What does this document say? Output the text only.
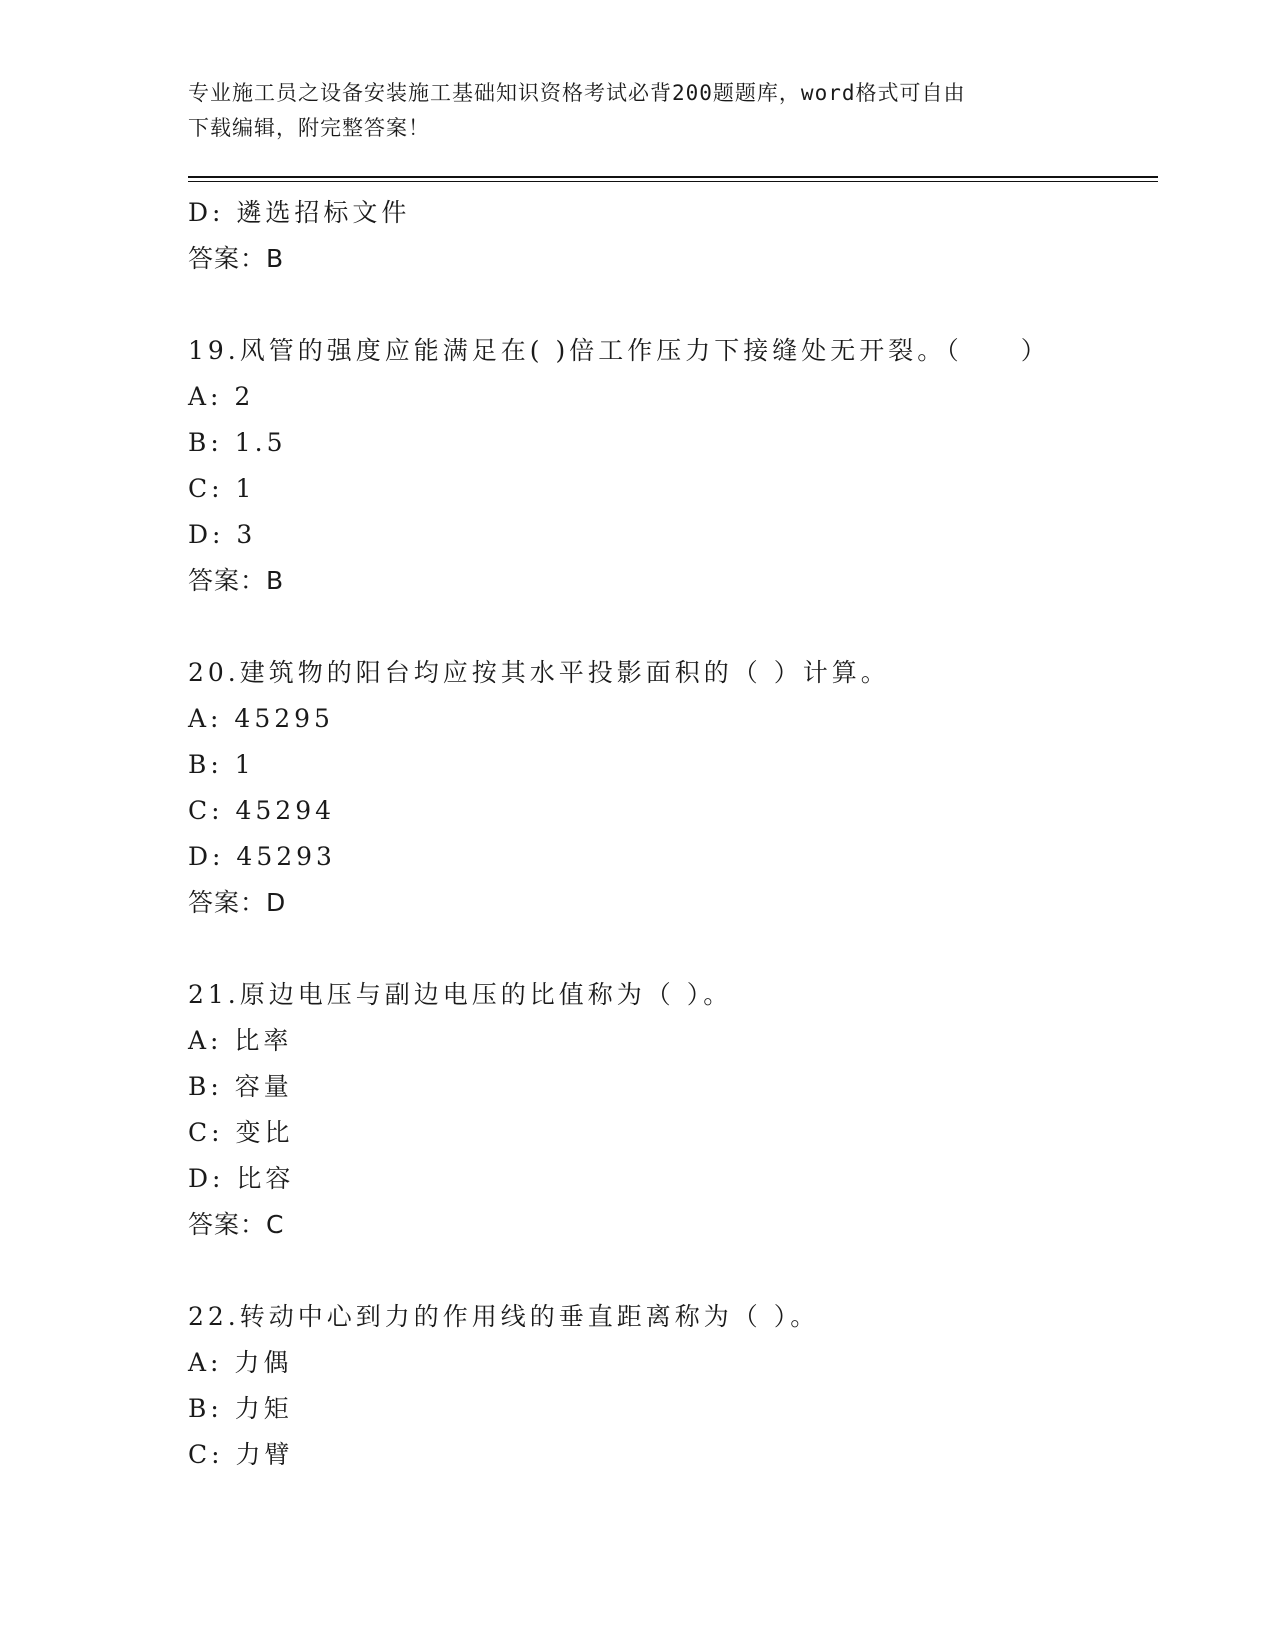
专业施工员之设备安装施工基础知识资格考试必背200题题库，word格式可自由
下载编辑，附完整答案！
D: 遴选招标文件
答案：B
19.风管的强度应能满足在( )倍工作压力下接缝处无开裂。（　　）
A: 2
B: 1.5
C: 1
D: 3
答案：B
20.建筑物的阳台均应按其水平投影面积的（ ）计算。
A: 45295
B: 1
C: 45294
D: 45293
答案：D
21.原边电压与副边电压的比值称为（ ）。
A: 比率
B: 容量
C: 变比
D: 比容
答案：C
22.转动中心到力的作用线的垂直距离称为（ ）。
A: 力偶
B: 力矩
C: 力臂
